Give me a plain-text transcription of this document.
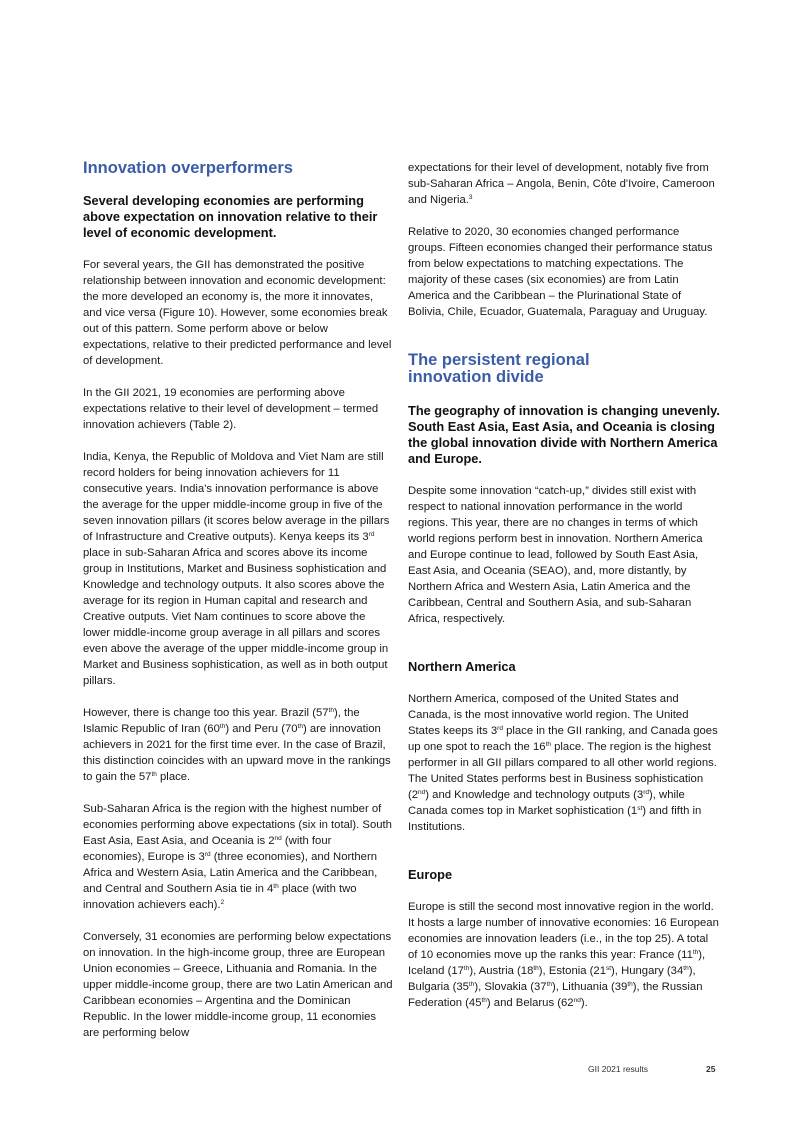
Innovation overperformers

Several developing economies are performing above expectation on innovation relative to their level of economic development.

For several years, the GII has demonstrated the positive relationship between innovation and economic development: the more developed an economy is, the more it innovates, and vice versa (Figure 10). However, some economies break out of this pattern. Some perform above or below expectations, relative to their predicted performance and level of development.

In the GII 2021, 19 economies are performing above expectations relative to their level of development – termed innovation achievers (Table 2).

India, Kenya, the Republic of Moldova and Viet Nam are still record holders for being innovation achievers for 11 consecutive years. India's innovation performance is above the average for the upper middle-income group in five of the seven innovation pillars (it scores below average in the pillars of Infrastructure and Creative outputs). Kenya keeps its 3rd place in sub-Saharan Africa and scores above its income group in Institutions, Market and Business sophistication and Knowledge and technology outputs. It also scores above the average for its region in Human capital and research and Creative outputs. Viet Nam continues to score above the lower middle-income group average in all pillars and scores even above the average of the upper middle-income group in Market and Business sophistication, as well as in both output pillars.

However, there is change too this year. Brazil (57th), the Islamic Republic of Iran (60th) and Peru (70th) are innovation achievers in 2021 for the first time ever. In the case of Brazil, this distinction coincides with an upward move in the rankings to gain the 57th place.

Sub-Saharan Africa is the region with the highest number of economies performing above expectations (six in total). South East Asia, East Asia, and Oceania is 2nd (with four economies), Europe is 3rd (three economies), and Northern Africa and Western Asia, Latin America and the Caribbean, and Central and Southern Asia tie in 4th place (with two innovation achievers each).$^2$

Conversely, 31 economies are performing below expectations on innovation. In the high-income group, three are European Union economies – Greece, Lithuania and Romania. In the upper middle-income group, there are two Latin American and Caribbean economies – Argentina and the Dominican Republic. In the lower middle-income group, 11 economies are performing below

expectations for their level of development, notably five from sub-Saharan Africa – Angola, Benin, Côte d'Ivoire, Cameroon and Nigeria.$^3$

Relative to 2020, 30 economies changed performance groups. Fifteen economies changed their performance status from below expectations to matching expectations. The majority of these cases (six economies) are from Latin America and the Caribbean – the Plurinational State of Bolivia, Chile, Ecuador, Guatemala, Paraguay and Uruguay.

The persistent regional innovation divide

The geography of innovation is changing unevenly. South East Asia, East Asia, and Oceania is closing the global innovation divide with Northern America and Europe.

Despite some innovation “catch-up,” divides still exist with respect to national innovation performance in the world regions. This year, there are no changes in terms of which world regions perform best in innovation. Northern America and Europe continue to lead, followed by South East Asia, East Asia, and Oceania (SEAO), and, more distantly, by Northern Africa and Western Asia, Latin America and the Caribbean, Central and Southern Asia, and sub-Saharan Africa, respectively.

Northern America

Northern America, composed of the United States and Canada, is the most innovative world region. The United States keeps its 3rd place in the GII ranking, and Canada goes up one spot to reach the 16th place. The region is the highest performer in all GII pillars compared to all other world regions. The United States performs best in Business sophistication (2nd) and Knowledge and technology outputs (3rd), while Canada comes top in Market sophistication (1st) and fifth in Institutions.

Europe

Europe is still the second most innovative region in the world. It hosts a large number of innovative economies: 16 European economies are innovation leaders (i.e., in the top 25). A total of 10 economies move up the ranks this year: France (11th), Iceland (17th), Austria (18th), Estonia (21st), Hungary (34th), Bulgaria (35th), Slovakia (37th), Lithuania (39th), the Russian Federation (45th) and Belarus (62nd).

GII 2021 results	25
